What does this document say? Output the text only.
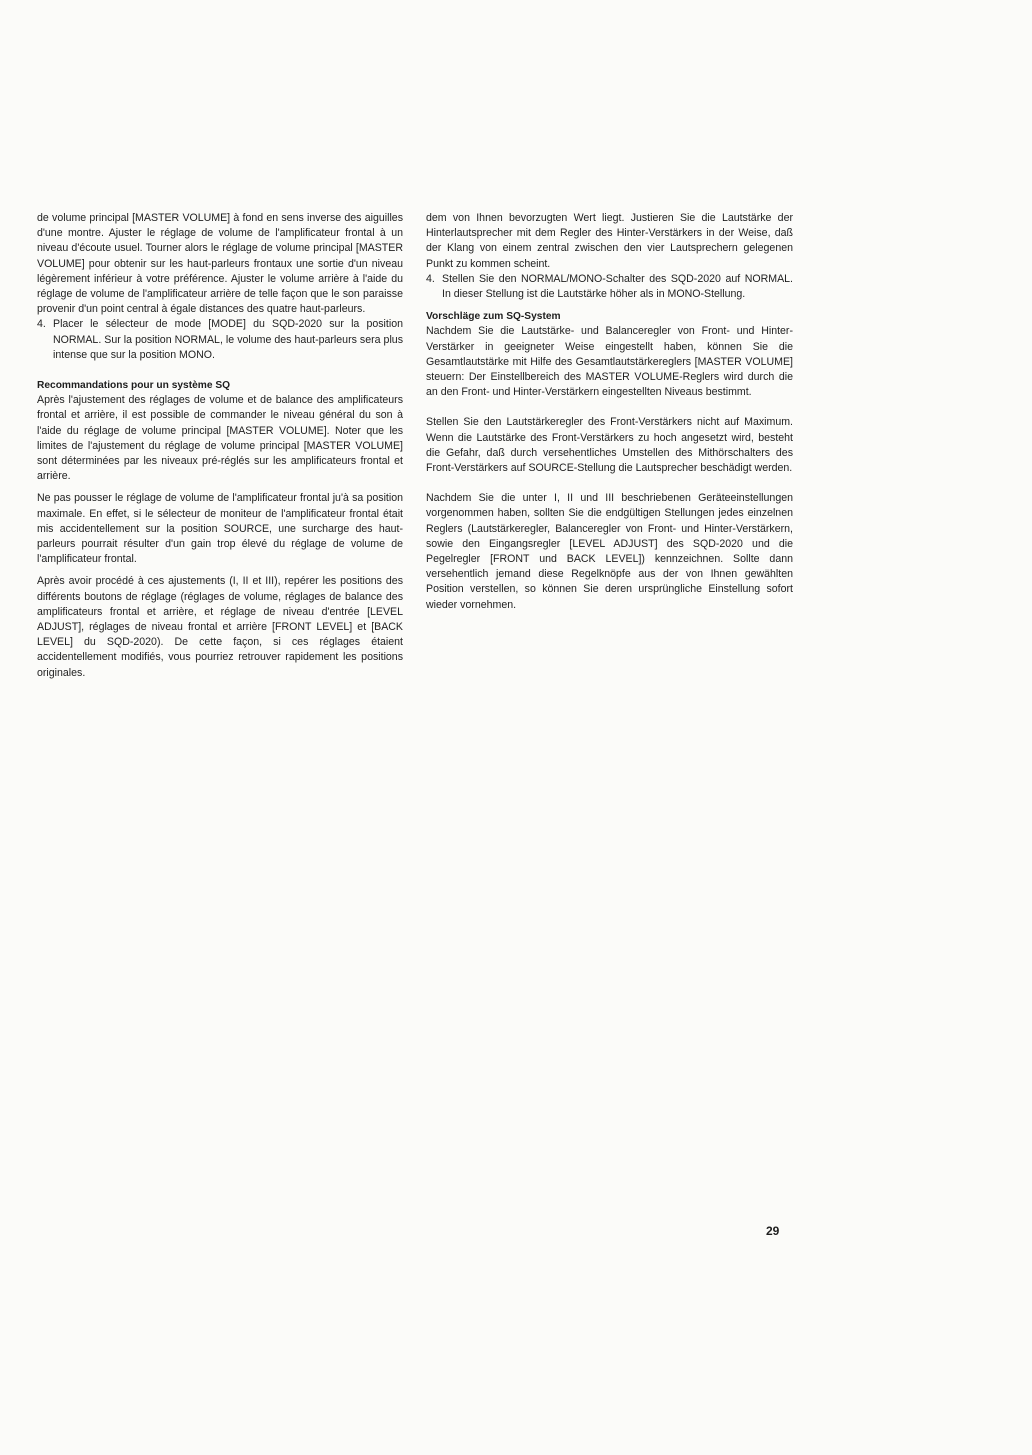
de volume principal [MASTER VOLUME] à fond en sens inverse des aiguilles d'une montre. Ajuster le réglage de volume de l'amplificateur frontal à un niveau d'écoute usuel. Tourner alors le réglage de volume principal [MASTER VOLUME] pour obtenir sur les haut-parleurs frontaux une sortie d'un niveau légèrement inférieur à votre préférence. Ajuster le volume arrière à l'aide du réglage de volume de l'amplificateur arrière de telle façon que le son paraisse provenir d'un point central à égale distances des quatre haut-parleurs.

4. Placer le sélecteur de mode [MODE] du SQD-2020 sur la position NORMAL. Sur la position NORMAL, le volume des haut-parleurs sera plus intense que sur la position MONO.

Recommandations pour un système SQ

Après l'ajustement des réglages de volume et de balance des amplificateurs frontal et arrière, il est possible de commander le niveau général du son à l'aide du réglage de volume principal [MASTER VOLUME]. Noter que les limites de l'ajustement du réglage de volume principal [MASTER VOLUME] sont déterminées par les niveaux pré-réglés sur les amplificateurs frontal et arrière.

Ne pas pousser le réglage de volume de l'amplificateur frontal ju'à sa position maximale. En effet, si le sélecteur de moniteur de l'amplificateur frontal était mis accidentellement sur la position SOURCE, une surcharge des haut-parleurs pourrait résulter d'un gain trop élevé du réglage de volume de l'amplificateur frontal.

Après avoir procédé à ces ajustements (I, II et III), repérer les positions des différents boutons de réglage (réglages de volume, réglages de balance des amplificateurs frontal et arrière, et réglage de niveau d'entrée [LEVEL ADJUST], réglages de niveau frontal et arrière [FRONT LEVEL] et [BACK LEVEL] du SQD-2020). De cette façon, si ces réglages étaient accidentellement modifiés, vous pourriez retrouver rapidement les positions originales.

dem von Ihnen bevorzugten Wert liegt. Justieren Sie die Lautstärke der Hinterlautsprecher mit dem Regler des Hinter-Verstärkers in der Weise, daß der Klang von einem zentral zwischen den vier Lautsprechern gelegenen Punkt zu kommen scheint.

4. Stellen Sie den NORMAL/MONO-Schalter des SQD-2020 auf NORMAL. In dieser Stellung ist die Lautstärke höher als in MONO-Stellung.

Vorschläge zum SQ-System

Nachdem Sie die Lautstärke- und Balanceregler von Front- und Hinter-Verstärker in geeigneter Weise eingestellt haben, können Sie die Gesamtlautstärke mit Hilfe des Gesamtlautstärkereglers [MASTER VOLUME] steuern: Der Einstellbereich des MASTER VOLUME-Reglers wird durch die an den Front- und Hinter-Verstärkern eingestellten Niveaus bestimmt.

Stellen Sie den Lautstärkeregler des Front-Verstärkers nicht auf Maximum. Wenn die Lautstärke des Front-Verstärkers zu hoch angesetzt wird, besteht die Gefahr, daß durch versehentliches Umstellen des Mithörschalters des Front-Verstärkers auf SOURCE-Stellung die Lautsprecher beschädigt werden.

Nachdem Sie die unter I, II und III beschriebenen Geräteeinstellungen vorgenommen haben, sollten Sie die endgültigen Stellungen jedes einzelnen Reglers (Lautstärkeregler, Balanceregler von Front- und Hinter-Verstärkern, sowie den Eingangsregler [LEVEL ADJUST] des SQD-2020 und die Pegelregler [FRONT und BACK LEVEL]) kennzeichnen. Sollte dann versehentlich jemand diese Regelknöpfe aus der von Ihnen gewählten Position verstellen, so können Sie deren ursprüngliche Einstellung sofort wieder vornehmen.

29
